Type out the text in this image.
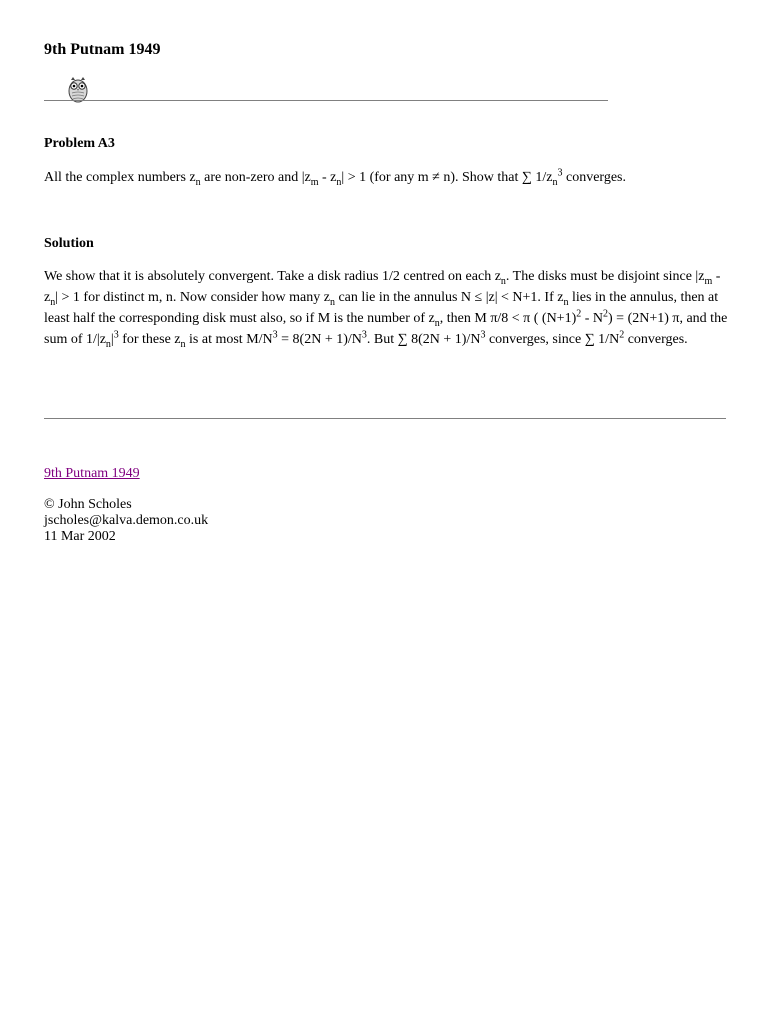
9th Putnam 1949
Problem A3

All the complex numbers $z_n$ are non-zero and $|z_m - z_n| > 1$ (for any m ≠ n). Show that ∑ $1/z_n^3$ converges.

Solution

We show that it is absolutely convergent. Take a disk radius 1/2 centred on each $z_n$. The disks must be disjoint since $|z_m - z_n| > 1$ for distinct m, n. Now consider how many $z_n$ can lie in the annulus N ≤ |z| < N+1. If $z_n$ lies in the annulus, then at least half the corresponding disk must also, so if M is the number of $z_n$, then M π/8 < π ( $(N+1)^2 - N^2) = (2N+1)$ π, and the sum of $1/|z_n|^3$ for these $z_n$ is at most $M/N^3 = 8(2N + 1)/N^3$. But ∑ $8(2N + 1)/N^3$ converges, since ∑ $1/N^2$ converges.

9th Putnam 1949
© John Scholes
jscholes@kalva.demon.co.uk
11 Mar 2002
